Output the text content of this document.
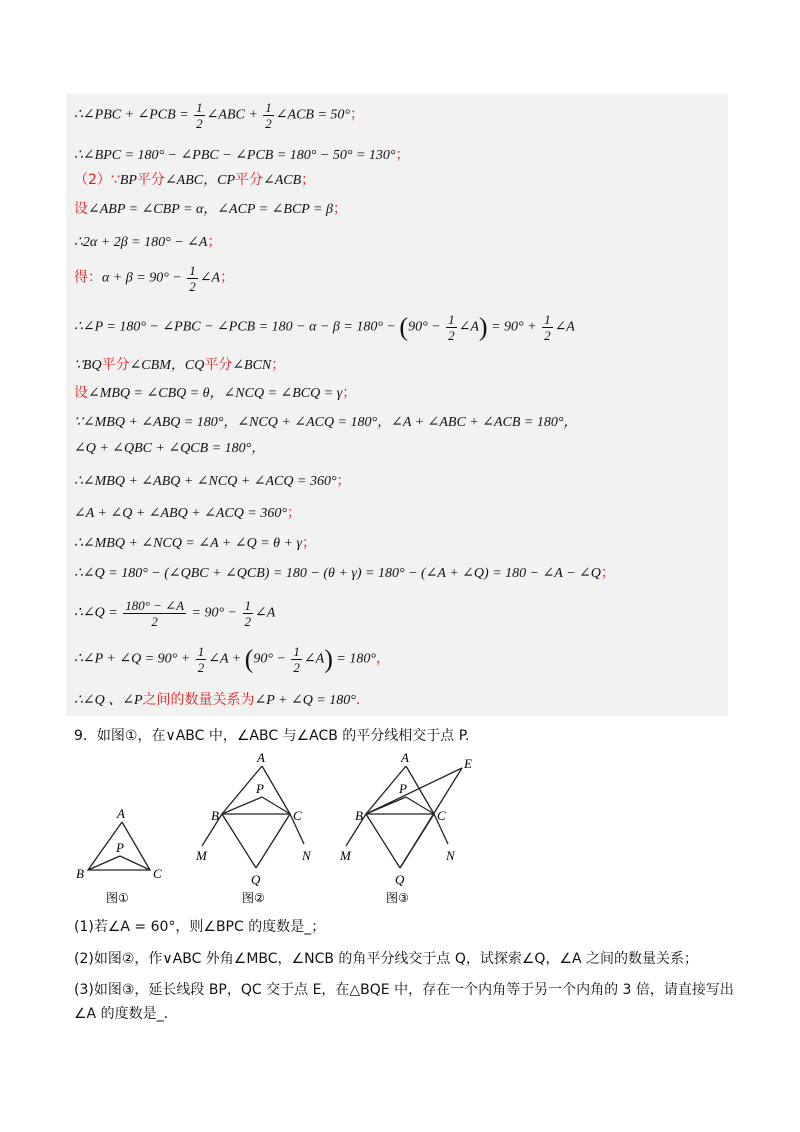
∴∠PBC + ∠PCB = $\frac{1}{2}$ ∠ABC + $\frac{1}{2}$ ∠ACB = 50°；
∴∠BPC = 180° − ∠PBC − ∠PCB = 180° − 50° = 130°；
（2）∵BP平分∠ABC，CP平分∠ACB；
设∠ABP = ∠CBP = α，∠ACP = ∠BCP = β；
∴2α + 2β = 180° − ∠A；
得：$\alpha + \beta = 90^\circ - \frac{1}{2}$ ∠A；
∴∠P = 180° − ∠PBC − ∠PCB = $180 - \alpha - \beta = 180^\circ - (90^\circ - \frac{1}{2}$ ∠A) = $90^\circ + \frac{1}{2}$ ∠A
∵BQ平分∠CBM，CQ平分∠BCN；
设∠MBQ = ∠CBQ = θ，∠NCQ = ∠BCQ = γ；
∵∠MBQ + ∠ABQ = 180°，∠NCQ + ∠ACQ = 180°，∠A + ∠ABC + ∠ACB = 180°，
∠Q + ∠QBC + ∠QCB = 180°，
∴∠MBQ + ∠ABQ + ∠NCQ + ∠ACQ = 360°；
∠A + ∠Q + ∠ABQ + ∠ACQ = 360°；
∴∠MBQ + ∠NCQ = ∠A + ∠Q = θ + γ；
∴∠Q = 180° − (∠QBC + ∠QCB) = 180 − (θ + γ) = 180° − (∠A + ∠Q) = 180 − ∠A − ∠Q；
∴∠Q = $\frac{180^\circ - \angle A}{2} = 90^\circ - \frac{1}{2}$ ∠A
∴∠P + ∠Q = $90^\circ + \frac{1}{2}$ ∠A + ($90^\circ - \frac{1}{2}$ ∠A) = 180°，
∴∠Q 、∠P之间的数量关系为∠P + ∠Q = 180°.
9．如图①，在∨ABC 中，∠ABC 与∠ACB 的平分线相交于点 P.
A
B	C
P
图①
A
B	C
P
M	N
Q
图②
A
B	C
P
M	N
Q
E
图③
(1)若∠A = 60°，则∠BPC 的度数是_；
(2)如图②，作∨ABC 外角∠MBC，∠NCB 的角平分线交于点 Q，试探索∠Q，∠A 之间的数量关系；
(3)如图③，延长线段 BP，QC 交于点 E，在△BQE 中，存在一个内角等于另一个内角的 3 倍，请直接写出
∠A 的度数是_.
